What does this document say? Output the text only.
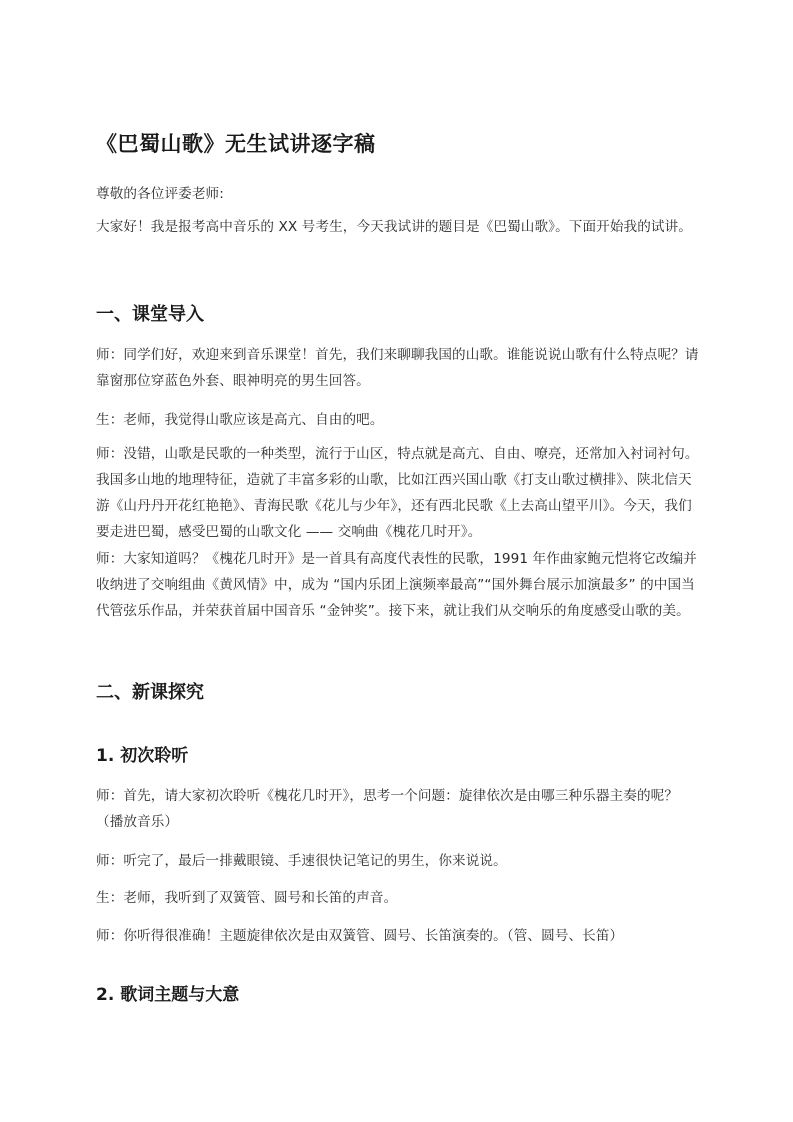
《巴蜀山歌》无生试讲逐字稿
尊敬的各位评委老师:
大家好！我是报考高中音乐的 XX 号考生，今天我试讲的题目是《巴蜀山歌》。下面开始我的试讲。
一、课堂导入
师：同学们好，欢迎来到音乐课堂！首先，我们来聊聊我国的山歌。谁能说说山歌有什么特点呢？请靠窗那位穿蓝色外套、眼神明亮的男生回答。
生：老师，我觉得山歌应该是高亢、自由的吧。
师：没错，山歌是民歌的一种类型，流行于山区，特点就是高亢、自由、嘹亮，还常加入衬词衬句。我国多山地的地理特征，造就了丰富多彩的山歌，比如江西兴国山歌《打支山歌过横排》、陕北信天游《山丹丹开花红艳艳》、青海民歌《花儿与少年》，还有西北民歌《上去高山望平川》。今天，我们要走进巴蜀，感受巴蜀的山歌文化 —— 交响曲《槐花几时开》。
师：大家知道吗？《槐花几时开》是一首具有高度代表性的民歌，1991 年作曲家鲍元恺将它改编并收纳进了交响组曲《黄风情》中，成为 “国内乐团上演频率最高”“国外舞台展示加演最多” 的中国当代管弦乐作品，并荣获首届中国音乐 “金钟奖”。接下来，就让我们从交响乐的角度感受山歌的美。
二、新课探究
1. 初次聆听
师：首先，请大家初次聆听《槐花几时开》，思考一个问题：旋律依次是由哪三种乐器主奏的呢？（播放音乐）
师：听完了，最后一排戴眼镜、手速很快记笔记的男生，你来说说。
生：老师，我听到了双簧管、圆号和长笛的声音。
师：你听得很准确！主题旋律依次是由双簧管、圆号、长笛演奏的。（管、圆号、长笛）
2. 歌词主题与大意
